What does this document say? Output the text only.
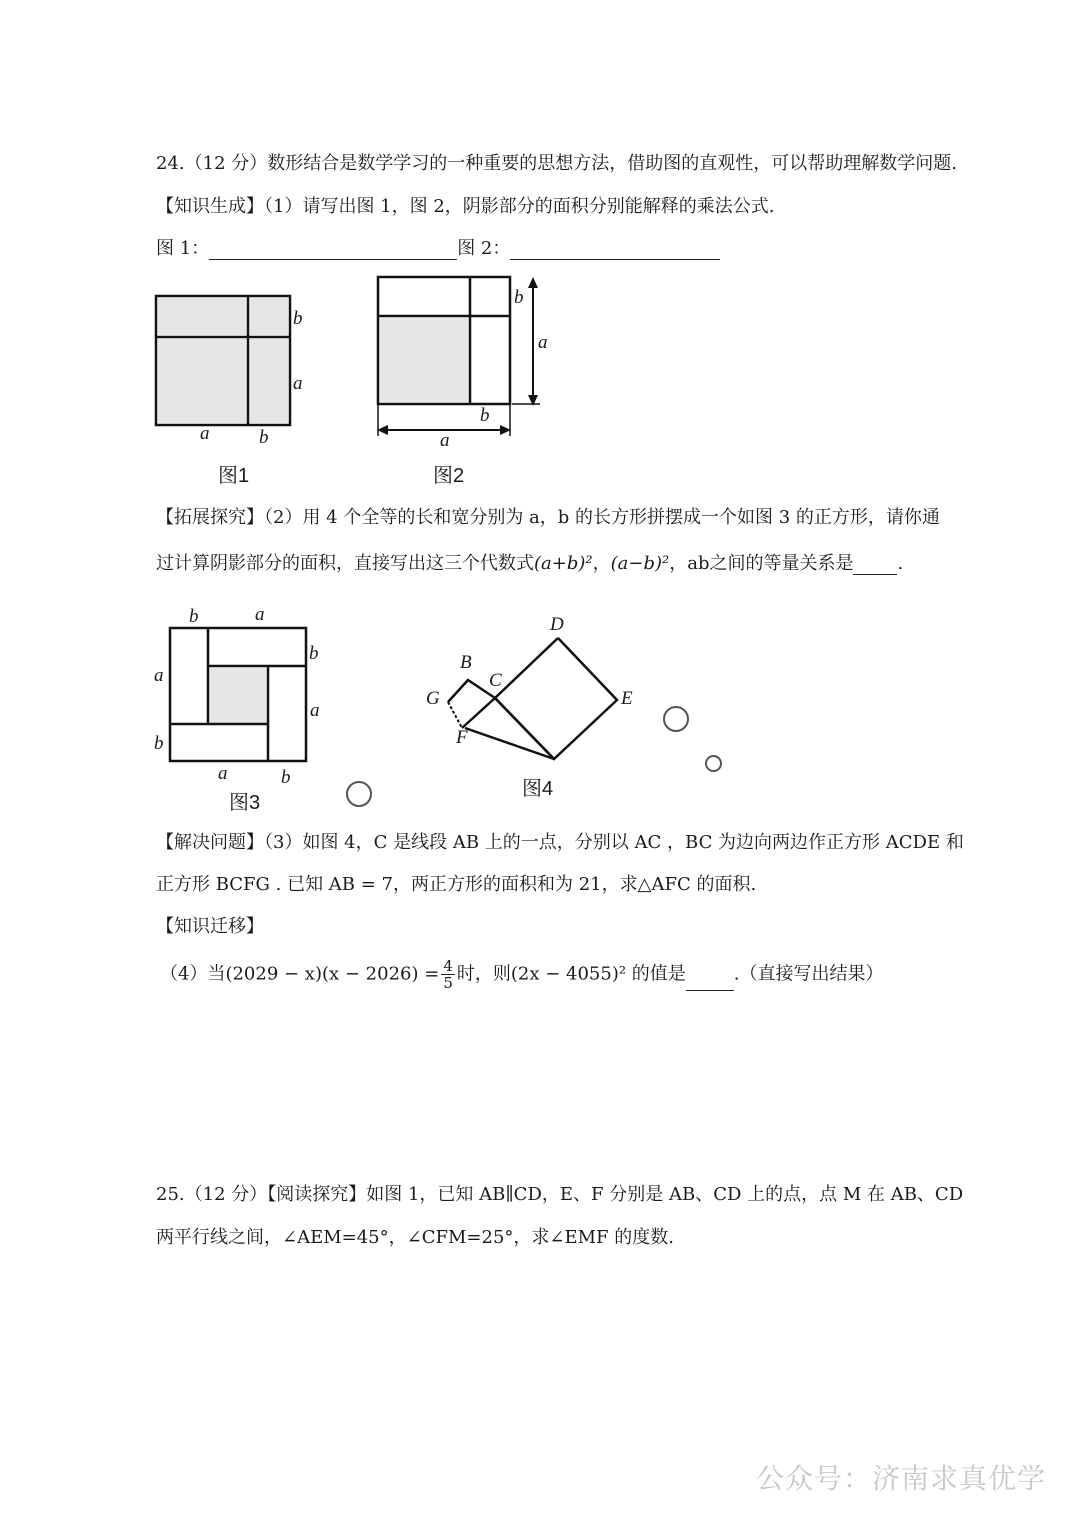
24.（12 分）数形结合是数学学习的一种重要的思想方法，借助图的直观性，可以帮助理解数学问题.
【知识生成】（1）请写出图 1，图 2，阴影部分的面积分别能解释的乘法公式.
图 1：	图 2：
b
a
a	b
图1
b
a
b
a
图2
【拓展探究】（2）用 4 个全等的长和宽分别为 a，b 的长方形拼摆成一个如图 3 的正方形，请你通
过计算阴影部分的面积，直接写出这三个代数式(a+b)²，(a−b)²，ab之间的等量关系是 .
b	a
b
a
a
b
a	b
图3
D
B
C
G	E
F
图4
【解决问题】（3）如图 4，C 是线段 AB 上的一点，分别以 AC ，BC 为边向两边作正方形 ACDE 和
正方形 BCFG . 已知 AB = 7，两正方形的面积和为 21，求△AFC 的面积.
【知识迁移】
（4）当$(2029 - x)(x - 2026) = \frac{4}{5}$ 时，则(2x − 4055)² 的值是	.（直接写出结果）
25.（12 分）【阅读探究】如图 1，已知 AB∥CD，E、F 分别是 AB、CD 上的点，点 M 在 AB、CD
两平行线之间，∠AEM=45°，∠CFM=25°，求∠EMF 的度数.
公众号：济南求真优学
